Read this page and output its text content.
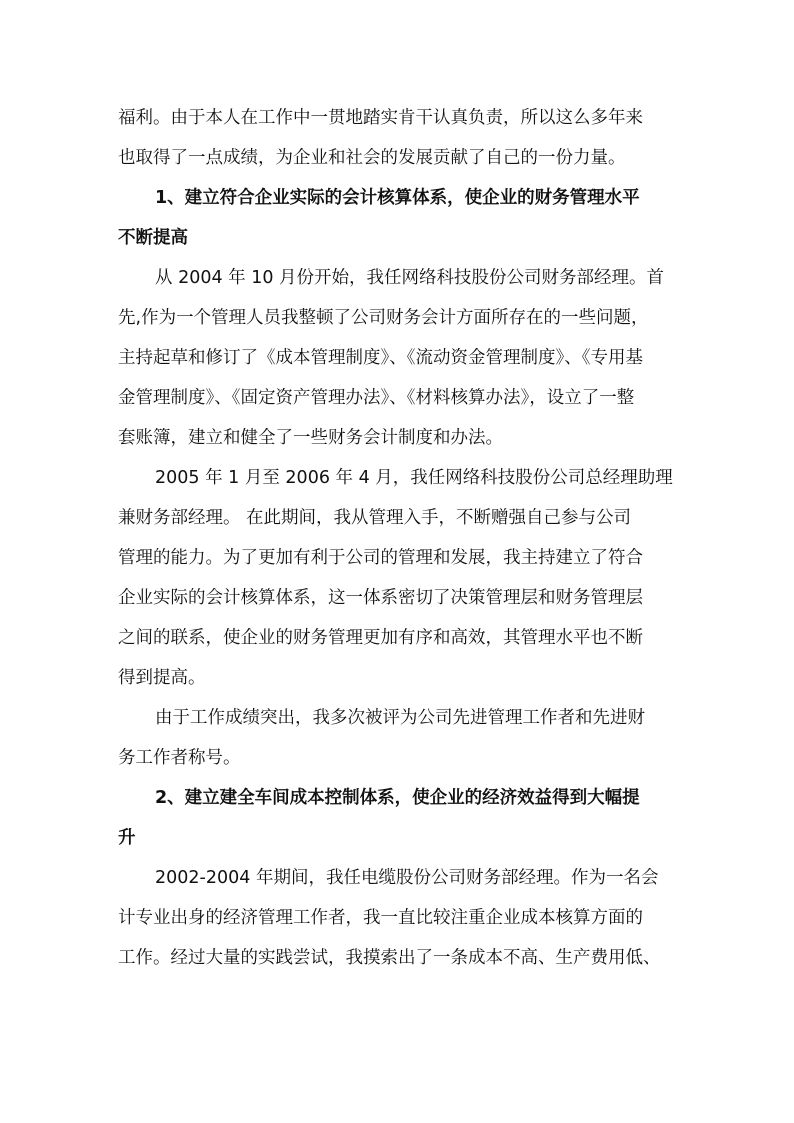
福利。由于本人在工作中一贯地踏实肯干认真负责，所以这么多年来
也取得了一点成绩，为企业和社会的发展贡献了自己的一份力量。
1、建立符合企业实际的会计核算体系，使企业的财务管理水平
不断提高
从 2004 年 10 月份开始，我任网络科技股份公司财务部经理。首
先,作为一个管理人员我整顿了公司财务会计方面所存在的一些问题，
主持起草和修订了《成本管理制度》、《流动资金管理制度》、《专用基
金管理制度》、《固定资产管理办法》、《材料核算办法》，设立了一整
套账簿，建立和健全了一些财务会计制度和办法。
2005 年 1 月至 2006 年 4 月，我任网络科技股份公司总经理助理
兼财务部经理。 在此期间，我从管理入手，不断赠强自己参与公司
管理的能力。为了更加有利于公司的管理和发展，我主持建立了符合
企业实际的会计核算体系，这一体系密切了决策管理层和财务管理层
之间的联系，使企业的财务管理更加有序和高效，其管理水平也不断
得到提高。
由于工作成绩突出，我多次被评为公司先进管理工作者和先进财
务工作者称号。
2、建立建全车间成本控制体系，使企业的经济效益得到大幅提
升
2002-2004 年期间，我任电缆股份公司财务部经理。作为一名会
计专业出身的经济管理工作者，我一直比较注重企业成本核算方面的
工作。经过大量的实践尝试，我摸索出了一条成本不高、生产费用低、
